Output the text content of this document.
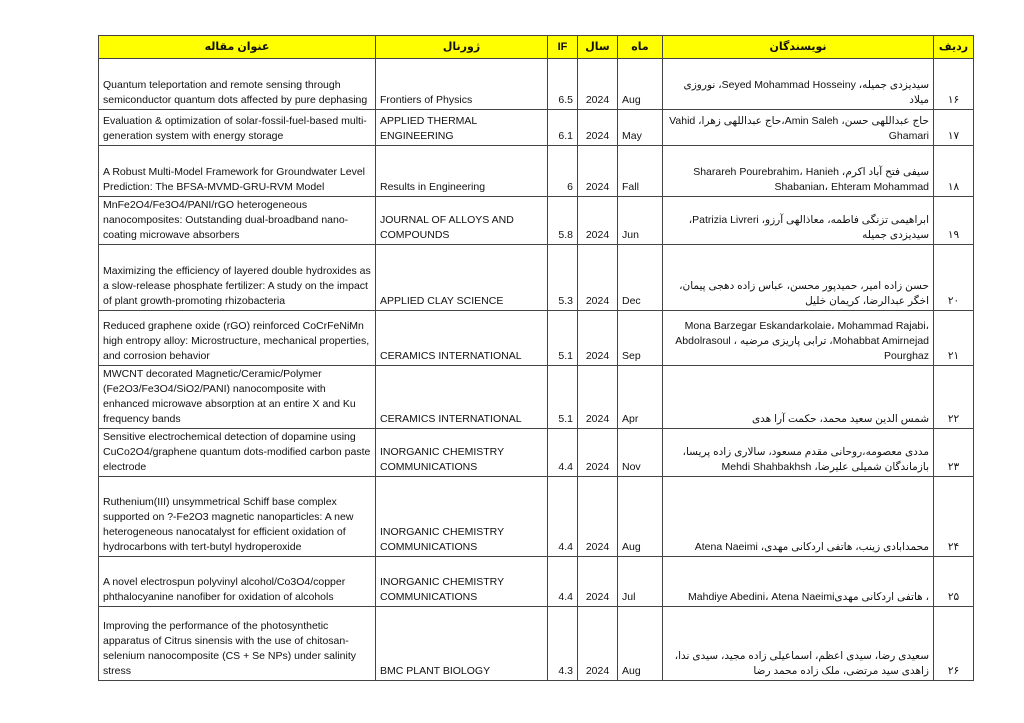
عنوان مقاله	ژورنال	IF	سال	ماه	نویسندگان	ردیف
Quantum teleportation and remote sensing through semiconductor quantum dots affected by pure dephasing	Frontiers of Physics	6.5	2024	Aug	سیدیزدی جمیله، Seyed Mohammad Hosseiny، نوروزی میلاد	۱۶
Evaluation & optimization of solar-fossil-fuel-based multi-generation system with energy storage	APPLIED THERMAL ENGINEERING	6.1	2024	May	حاج عبداللهی حسن، Amin Saleh،حاج عبداللهی زهرا، Vahid Ghamari	۱۷
A Robust Multi-Model Framework for Groundwater Level Prediction: The BFSA-MVMD-GRU-RVM Model	Results in Engineering	6	2024	Fall	سیفی فتح آباد اکرم، Sharareh Pourebrahim، Hanieh Shabanian، Ehteram Mohammad	۱۸
MnFe2O4/Fe3O4/PANI/rGO heterogeneous nanocomposites: Outstanding dual-broadband nano-coating microwave absorbers	JOURNAL OF ALLOYS AND COMPOUNDS	5.8	2024	Jun	ابراهیمی تزنگی فاطمه، معاذالهی آرزو، Patrizia Livreri، سیدیزدی جمیله	۱۹
Maximizing the efficiency of layered double hydroxides as a slow-release phosphate fertilizer: A study on the impact of plant growth-promoting rhizobacteria	APPLIED CLAY SCIENCE	5.3	2024	Dec	حسن زاده امیر، حمیدپور محسن، عباس زاده دهجی پیمان، اخگر عبدالرضا، کریمان خلیل	۲۰
Reduced graphene oxide (rGO) reinforced CoCrFeNiMn high entropy alloy: Microstructure, mechanical properties, and corrosion behavior	CERAMICS INTERNATIONAL	5.1	2024	Sep	Mona Barzegar Eskandarkolaie، Mohammad Rajabi، Mohabbat Amirnejad، ترابی پاریزی مرضیه ، Abdolrasoul Pourghaz	۲۱
MWCNT decorated Magnetic/Ceramic/Polymer (Fe2O3/Fe3O4/SiO2/PANI) nanocomposite with enhanced microwave absorption at an entire X and Ku frequency bands	CERAMICS INTERNATIONAL	5.1	2024	Apr	شمس الدین سعید محمد، حکمت آرا هدی	۲۲
Sensitive electrochemical detection of dopamine using CuCo2O4/graphene quantum dots-modified carbon paste electrode	INORGANIC CHEMISTRY COMMUNICATIONS	4.4	2024	Nov	مددی معصومه،روحانی مقدم مسعود، سالاری زاده پریسا، بازماندگان شمیلی علیرضا، Mehdi Shahbakhsh	۲۳
Ruthenium(III) unsymmetrical Schiff base complex supported on ?-Fe2O3 magnetic nanoparticles: A new heterogeneous nanocatalyst for efficient oxidation of hydrocarbons with tert-butyl hydroperoxide	INORGANIC CHEMISTRY COMMUNICATIONS	4.4	2024	Aug	محمدابادی زینب، هاتفی اردکانی مهدی، Atena Naeimi	۲۴
A novel electrospun polyvinyl alcohol/Co3O4/copper phthalocyanine nanofiber for oxidation of alcohols	INORGANIC CHEMISTRY COMMUNICATIONS	4.4	2024	Jul	، هاتفی اردکانی مهدیMahdiye Abedini، Atena Naeimi	۲۵
Improving the performance of the photosynthetic apparatus of Citrus sinensis with the use of chitosan-selenium nanocomposite (CS + Se NPs) under salinity stress	BMC PLANT BIOLOGY	4.3	2024	Aug	سعیدی رضا، سیدی اعظم، اسماعیلی زاده مجید، سیدی ندا، زاهدی سید مرتضی، ملک زاده محمد رضا	۲۶
